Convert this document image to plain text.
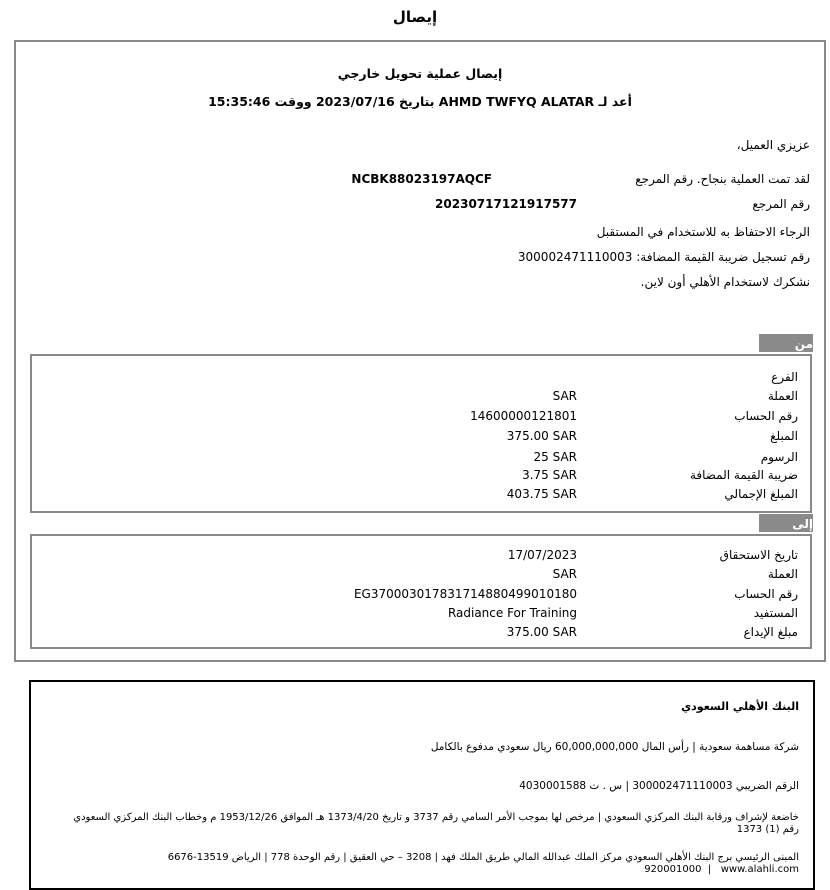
إيصال
إيصال عملية تحويل خارجي
أعد لـ AHMD TWFYQ ALATAR بتاريخ 2023/07/16 ووقت 15:35:46
عزيزي العميل،
لقد تمت العملية بنجاح. رقم المرجع
NCBK88023197AQCF
رقم المرجع
20230717121917577
الرجاء الاحتفاظ به للاستخدام في المستقبل
رقم تسجيل ضريبة القيمة المضافة: 300002471110003
نشكرك لاستخدام الأهلي أون لاين.
من
الفرع
العملة
SAR
رقم الحساب
14600000121801
المبلغ
375.00 SAR
الرسوم
25 SAR
ضريبة القيمة المضافة
3.75 SAR
المبلغ الإجمالي
403.75 SAR
إلى
تاريخ الاستحقاق
17/07/2023
العملة
SAR
رقم الحساب
EG370003017831714880499010180
المستفيد
Radiance For Training
مبلغ الإيداع
375.00 SAR
البنك الأهلي السعودي
شركة مساهمة سعودية | رأس المال 60,000,000,000 ريال سعودي مدفوع بالكامل
الرقم الضريبي 300002471110003 | س . ت 4030001588
خاضعة لإشراف ورقابة البنك المركزي السعودي | مرخص لها بموجب الأمر السامي رقم 3737 و تاريخ 1373/4/20 هـ الموافق 1953/12/26 م وخطاب البنك المركزي السعودي
رقم (1) 1373
المبنى الرئيسي برج البنك الأهلي السعودي مركز الملك عبدالله المالي طريق الملك فهد | 3208 – حي العقيق | رقم الوحدة 778 | الرياض 13519-6676
920001000  |   www.alahli.com
